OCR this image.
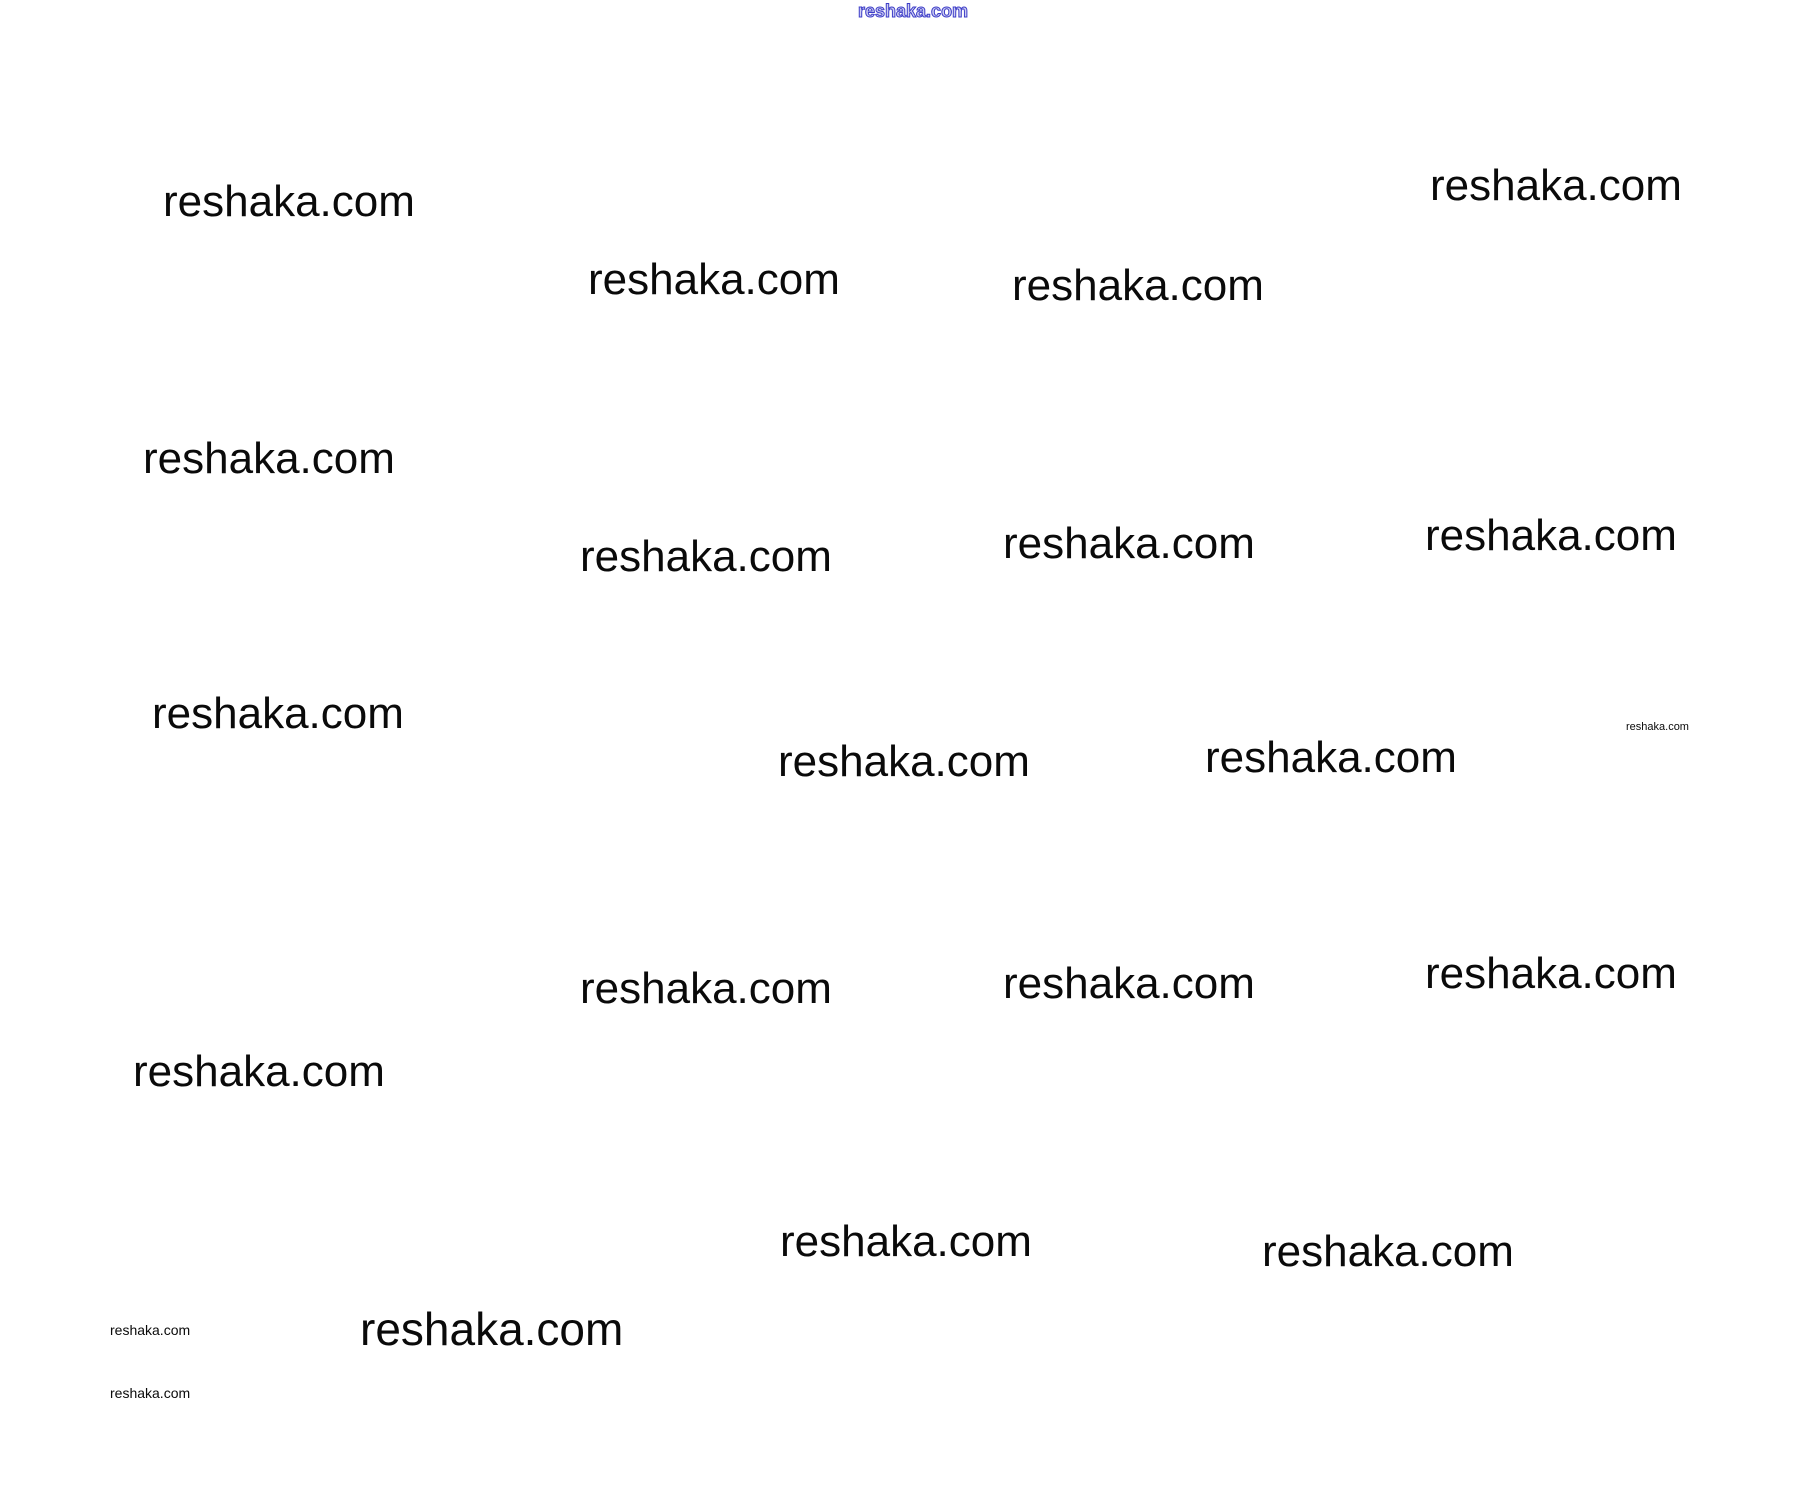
reshaka.com
reshaka.com	reshaka.com
reshaka.com	reshaka.com
reshaka.com
reshaka.com	reshaka.com	reshaka.com
reshaka.com	reshaka.com
reshaka.com	reshaka.com
reshaka.com	reshaka.com	reshaka.com
reshaka.com
reshaka.com	reshaka.com
reshaka.com
reshaka.com
reshaka.com
